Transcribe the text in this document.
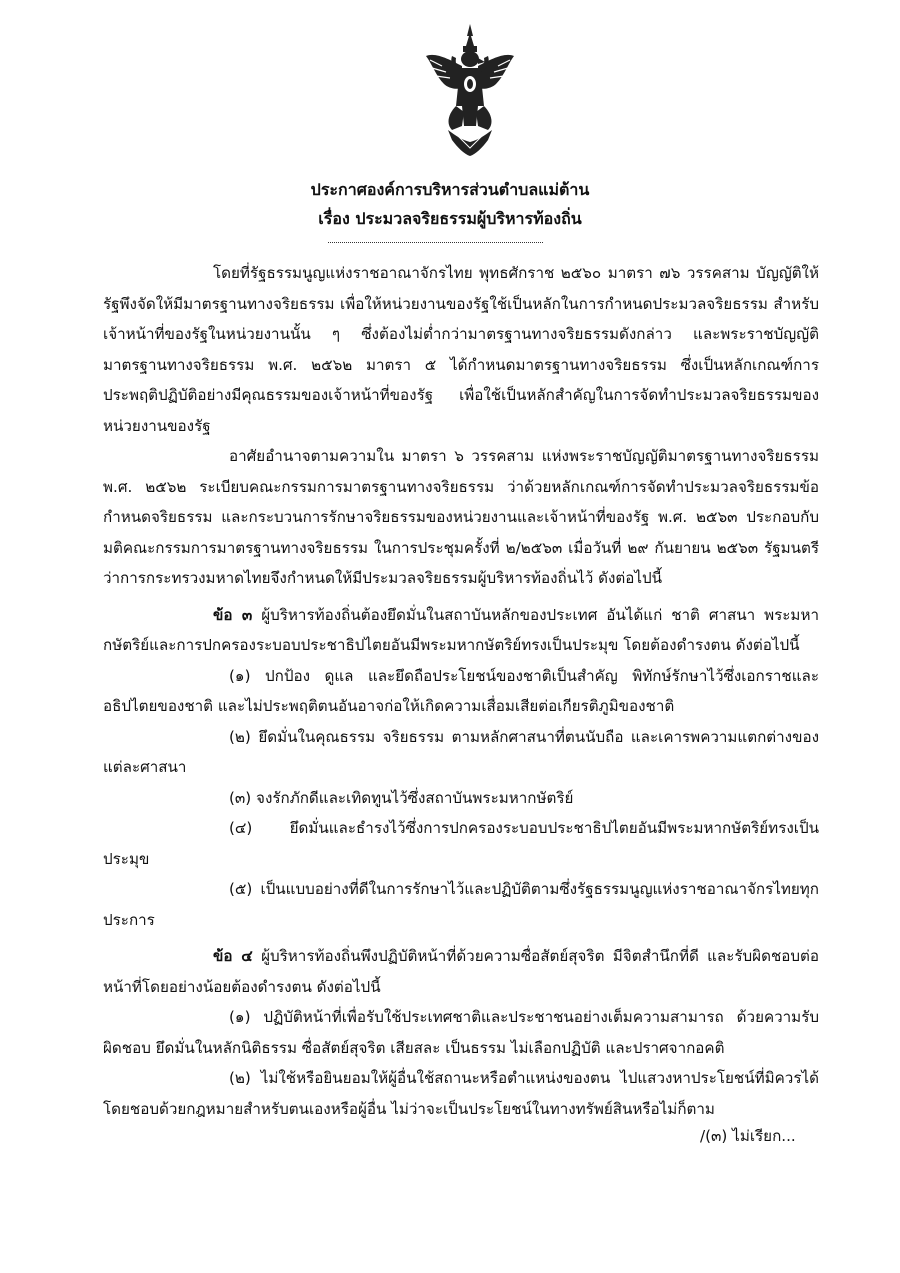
ประกาศองค์การบริหารส่วนตำบลแม่ต้าน
เรื่อง ประมวลจริยธรรมผู้บริหารท้องถิ่น

โดยที่รัฐธรรมนูญแห่งราชอาณาจักรไทย พุทธศักราช ๒๕๖๐ มาตรา ๗๖ วรรคสาม บัญญัติให้รัฐพึงจัดให้มีมาตรฐานทางจริยธรรม เพื่อให้หน่วยงานของรัฐใช้เป็นหลักในการกำหนดประมวลจริยธรรม สำหรับเจ้าหน้าที่ของรัฐในหน่วยงานนั้น ๆ ซึ่งต้องไม่ต่ำกว่ามาตรฐานทางจริยธรรมดังกล่าว และพระราชบัญญัติมาตรฐานทางจริยธรรม พ.ศ. ๒๕๖๒ มาตรา ๕ ได้กำหนดมาตรฐานทางจริยธรรม ซึ่งเป็นหลักเกณฑ์การประพฤติปฏิบัติอย่างมีคุณธรรมของเจ้าหน้าที่ของรัฐ เพื่อใช้เป็นหลักสำคัญในการจัดทำประมวลจริยธรรมของหน่วยงานของรัฐ

อาศัยอำนาจตามความใน มาตรา ๖ วรรคสาม แห่งพระราชบัญญัติมาตรฐานทางจริยธรรม พ.ศ. ๒๕๖๒ ระเบียบคณะกรรมการมาตรฐานทางจริยธรรม ว่าด้วยหลักเกณฑ์การจัดทำประมวลจริยธรรมข้อกำหนดจริยธรรม และกระบวนการรักษาจริยธรรมของหน่วยงานและเจ้าหน้าที่ของรัฐ พ.ศ. ๒๕๖๓ ประกอบกับมติคณะกรรมการมาตรฐานทางจริยธรรม ในการประชุมครั้งที่ ๒/๒๕๖๓ เมื่อวันที่ ๒๙ กันยายน ๒๕๖๓ รัฐมนตรีว่าการกระทรวงมหาดไทยจึงกำหนดให้มีประมวลจริยธรรมผู้บริหารท้องถิ่นไว้ ดังต่อไปนี้

ข้อ ๓ ผู้บริหารท้องถิ่นต้องยึดมั่นในสถาบันหลักของประเทศ อันได้แก่ ชาติ ศาสนา พระมหากษัตริย์และการปกครองระบอบประชาธิปไตยอันมีพระมหากษัตริย์ทรงเป็นประมุข โดยต้องดำรงตน ดังต่อไปนี้

(๑) ปกป้อง ดูแล และยึดถือประโยชน์ของชาติเป็นสำคัญ พิทักษ์รักษาไว้ซึ่งเอกราชและอธิปไตยของชาติ และไม่ประพฤติตนอันอาจก่อให้เกิดความเสื่อมเสียต่อเกียรติภูมิของชาติ

(๒) ยึดมั่นในคุณธรรม จริยธรรม ตามหลักศาสนาที่ตนนับถือ และเคารพความแตกต่างของแต่ละศาสนา

(๓) จงรักภักดีและเทิดทูนไว้ซึ่งสถาบันพระมหากษัตริย์

(๔) ยึดมั่นและธำรงไว้ซึ่งการปกครองระบอบประชาธิปไตยอันมีพระมหากษัตริย์ทรงเป็นประมุข

(๕) เป็นแบบอย่างที่ดีในการรักษาไว้และปฏิบัติตามซึ่งรัฐธรรมนูญแห่งราชอาณาจักรไทยทุกประการ

ข้อ ๔ ผู้บริหารท้องถิ่นพึงปฏิบัติหน้าที่ด้วยความซื่อสัตย์สุจริต มีจิตสำนึกที่ดี และรับผิดชอบต่อหน้าที่โดยอย่างน้อยต้องดำรงตน ดังต่อไปนี้

(๑) ปฏิบัติหน้าที่เพื่อรับใช้ประเทศชาติและประชาชนอย่างเต็มความสามารถ ด้วยความรับผิดชอบ ยึดมั่นในหลักนิติธรรม ซื่อสัตย์สุจริต เสียสละ เป็นธรรม ไม่เลือกปฏิบัติ และปราศจากอคติ

(๒) ไม่ใช้หรือยินยอมให้ผู้อื่นใช้สถานะหรือตำแหน่งของตน ไปแสวงหาประโยชน์ที่มิควรได้โดยชอบด้วยกฎหมายสำหรับตนเองหรือผู้อื่น ไม่ว่าจะเป็นประโยชน์ในทางทรัพย์สินหรือไม่ก็ตาม

/(๓) ไม่เรียก...
